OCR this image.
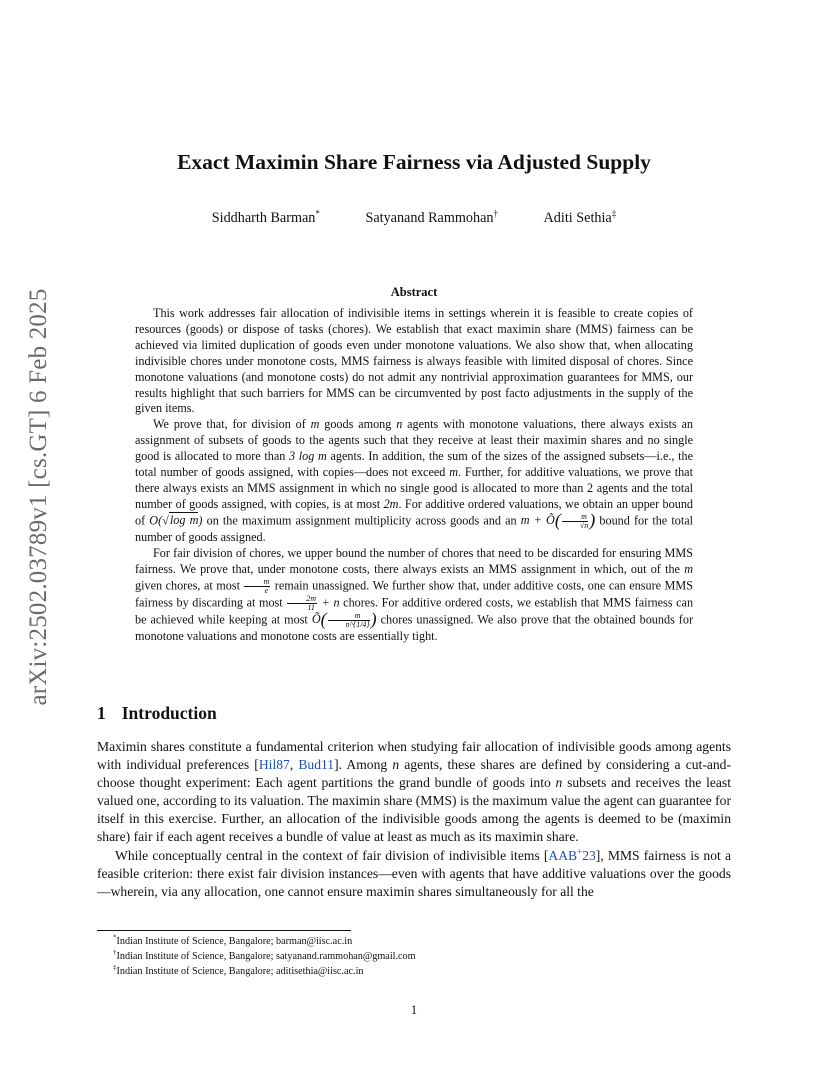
arXiv:2502.03789v1 [cs.GT] 6 Feb 2025
Exact Maximin Share Fairness via Adjusted Supply
Siddharth Barman*	Satyanand Rammohan†	Aditi Sethia‡
Abstract

This work addresses fair allocation of indivisible items in settings wherein it is feasible to create copies of resources (goods) or dispose of tasks (chores). We establish that exact maximin share (MMS) fairness can be achieved via limited duplication of goods even under monotone valuations. We also show that, when allocating indivisible chores under monotone costs, MMS fairness is always feasible with limited disposal of chores. Since monotone valuations (and monotone costs) do not admit any nontrivial approximation guarantees for MMS, our results highlight that such barriers for MMS can be circumvented by post facto adjustments in the supply of the given items.

We prove that, for division of m goods among n agents with monotone valuations, there always exists an assignment of subsets of goods to the agents such that they receive at least their maximin shares and no single good is allocated to more than 3 log m agents. In addition, the sum of the sizes of the assigned subsets—i.e., the total number of goods assigned, with copies—does not exceed m. Further, for additive valuations, we prove that there always exists an MMS assignment in which no single good is allocated to more than 2 agents and the total number of goods assigned, with copies, is at most 2m. For additive ordered valuations, we obtain an upper bound of O(√log m) on the maximum assignment multiplicity across goods and an m + Õ( $\frac{m}{√n}$ ) bound for the total number of goods assigned.

For fair division of chores, we upper bound the number of chores that need to be discarded for ensuring MMS fairness. We prove that, under monotone costs, there always exists an MMS assignment in which, out of the m given chores, at most $\frac{m}{e}$ remain unassigned. We further show that, under additive costs, one can ensure MMS fairness by discarding at most $\frac{2m}{11} + n$ chores. For additive ordered costs, we establish that MMS fairness can be achieved while keeping at most Õ( $\frac{m}{n\^{}\{1/4\}}$ ) chores unassigned. We also prove that the obtained bounds for monotone valuations and monotone costs are essentially tight.

1 Introduction

Maximin shares constitute a fundamental criterion when studying fair allocation of indivisible goods among agents with individual preferences [Hil87, Bud11]. Among n agents, these shares are defined by considering a cut-and-choose thought experiment: Each agent partitions the grand bundle of goods into n subsets and receives the least valued one, according to its valuation. The maximin share (MMS) is the maximum value the agent can guarantee for itself in this exercise. Further, an allocation of the indivisible goods among the agents is deemed to be (maximin share) fair if each agent receives a bundle of value at least as much as its maximin share.

While conceptually central in the context of fair division of indivisible items [AAB+23], MMS fairness is not a feasible criterion: there exist fair division instances—even with agents that have additive valuations over the goods—wherein, via any allocation, one cannot ensure maximin shares simultaneously for all the

*Indian Institute of Science, Bangalore; barman@iisc.ac.in
†Indian Institute of Science, Bangalore; satyanand.rammohan@gmail.com
‡Indian Institute of Science, Bangalore; aditisethia@iisc.ac.in
1
